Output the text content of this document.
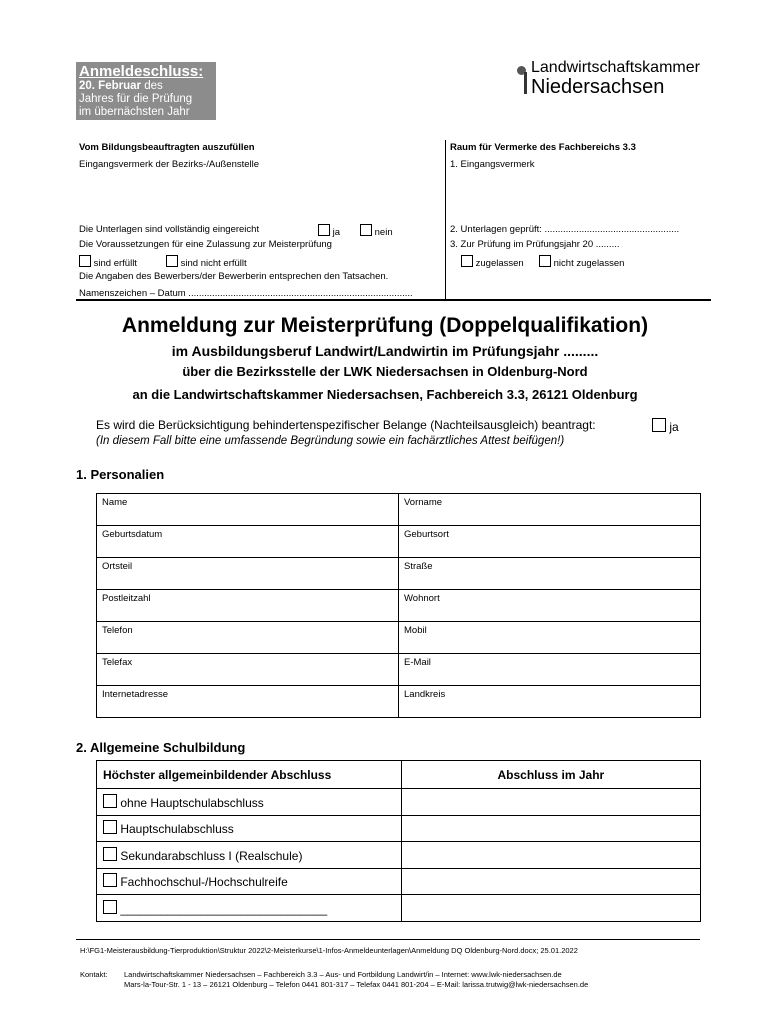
Anmeldeschluss:
20. Februar des
Jahres für die Prüfung
im übernächsten Jahr
Landwirtschaftskammer
Niedersachsen
Vom Bildungsbeauftragten auszufüllen
Eingangsvermerk der Bezirks-/Außenstelle
Die Unterlagen sind vollständig eingereicht	ja	nein
Die Voraussetzungen für eine Zulassung zur Meisterprüfung
sind erfüllt	sind nicht erfüllt
Die Angaben des Bewerbers/der Bewerberin entsprechen den Tatsachen.
Namenszeichen – Datum .....................................................................................
Raum für Vermerke des Fachbereichs 3.3
1. Eingangsvermerk
2. Unterlagen geprüft: ...................................................
3. Zur Prüfung im Prüfungsjahr 20 .........
zugelassen	nicht zugelassen
Anmeldung zur Meisterprüfung (Doppelqualifikation)
im Ausbildungsberuf Landwirt/Landwirtin im Prüfungsjahr .........
über die Bezirksstelle der LWK Niedersachsen in Oldenburg-Nord
an die Landwirtschaftskammer Niedersachsen, Fachbereich 3.3, 26121 Oldenburg
Es wird die Berücksichtigung behindertenspezifischer Belange (Nachteilsausgleich) beantragt:	ja
(In diesem Fall bitte eine umfassende Begründung sowie ein fachärztliches Attest beifügen!)
1. Personalien
Name	Vorname
Geburtsdatum	Geburtsort
Ortsteil	Straße
Postleitzahl	Wohnort
Telefon	Mobil
Telefax	E-Mail
Internetadresse	Landkreis
2. Allgemeine Schulbildung
Höchster allgemeinbildender Abschluss	Abschluss im Jahr
ohne Hauptschulabschluss	
Hauptschulabschluss	
Sekundarabschluss I (Realschule)	
Fachhochschul-/Hochschulreife	
_______________________________	
H:\FG1-Meisterausbildung-Tierproduktion\Struktur 2022\2-Meisterkurse\1-Infos-Anmeldeunterlagen\Anmeldung DQ Oldenburg-Nord.docx; 25.01.2022
Kontakt: Landwirtschaftskammer Niedersachsen – Fachbereich 3.3 – Aus- und Fortbildung Landwirt/in – Internet: www.lwk-niedersachsen.de
Mars-la-Tour-Str. 1 - 13 – 26121 Oldenburg – Telefon 0441 801-317 – Telefax 0441 801-204 – E-Mail: larissa.trutwig@lwk-niedersachsen.de
